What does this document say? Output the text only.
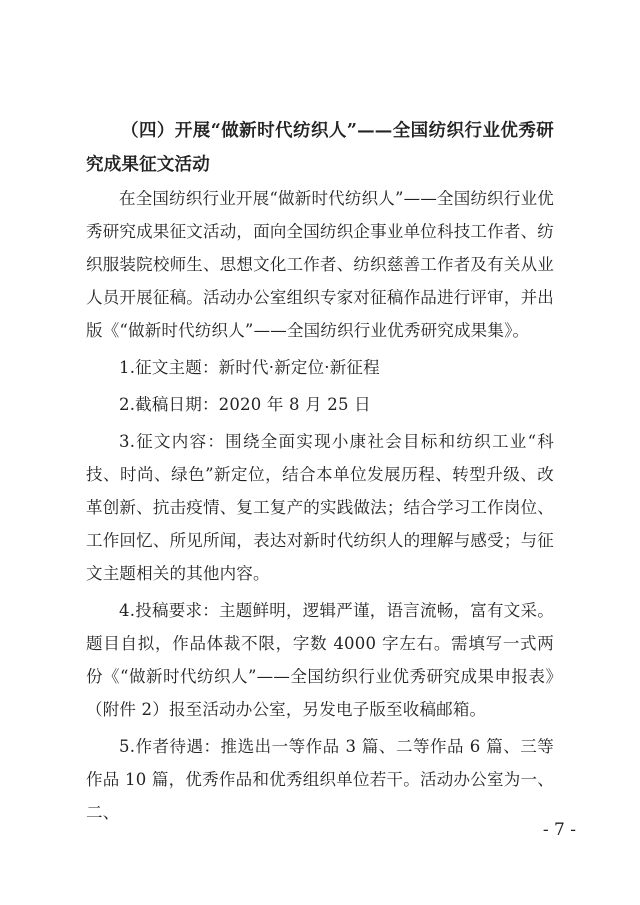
（四）开展“做新时代纺织人”——全国纺织行业优秀研究成果征文活动

在全国纺织行业开展“做新时代纺织人”——全国纺织行业优秀研究成果征文活动，面向全国纺织企事业单位科技工作者、纺织服装院校师生、思想文化工作者、纺织慈善工作者及有关从业人员开展征稿。活动办公室组织专家对征稿作品进行评审，并出版《“做新时代纺织人”——全国纺织行业优秀研究成果集》。

1.征文主题：新时代·新定位·新征程

2.截稿日期：2020 年 8 月 25 日

3.征文内容：围绕全面实现小康社会目标和纺织工业“科技、时尚、绿色”新定位，结合本单位发展历程、转型升级、改革创新、抗击疫情、复工复产的实践做法；结合学习工作岗位、工作回忆、所见所闻，表达对新时代纺织人的理解与感受；与征文主题相关的其他内容。

4.投稿要求：主题鲜明，逻辑严谨，语言流畅，富有文采。题目自拟，作品体裁不限，字数 4000 字左右。需填写一式两份《“做新时代纺织人”——全国纺织行业优秀研究成果申报表》（附件 2）报至活动办公室，另发电子版至收稿邮箱。

5.作者待遇：推选出一等作品 3 篇、二等作品 6 篇、三等作品 10 篇，优秀作品和优秀组织单位若干。活动办公室为一、二、

- 7 -
